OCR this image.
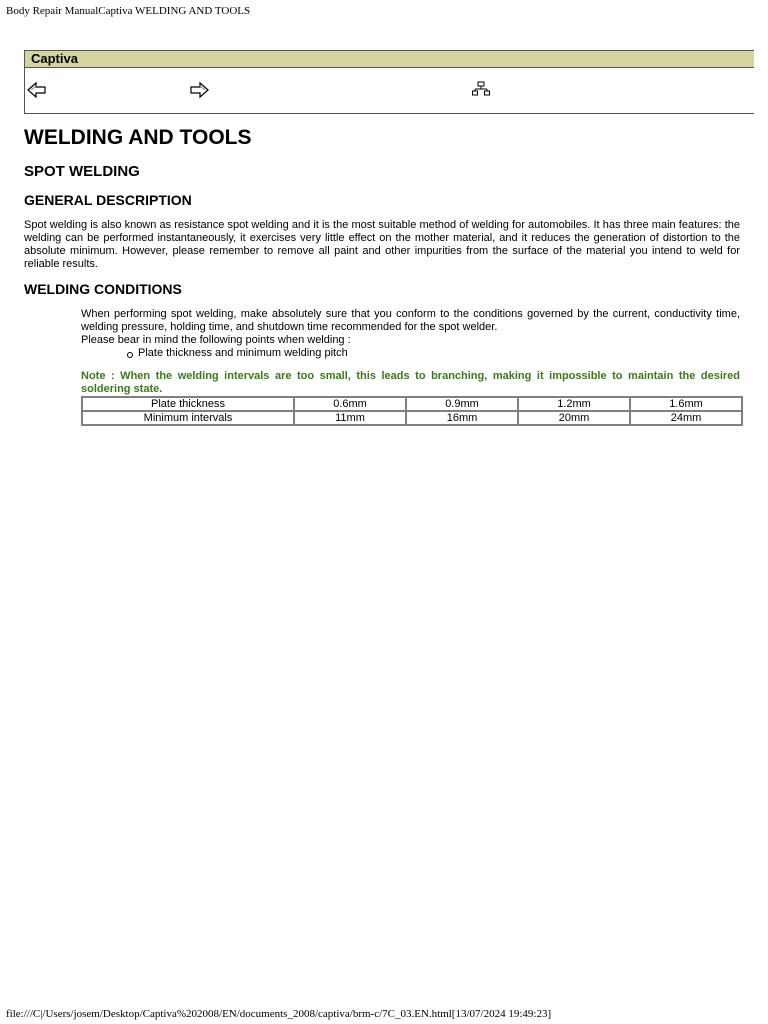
Body Repair ManualCaptiva WELDING AND TOOLS
Captiva
WELDING AND TOOLS
SPOT WELDING
GENERAL DESCRIPTION

Spot welding is also known as resistance spot welding and it is the most suitable method of welding for automobiles. It has three main features: the welding can be performed instantaneously, it exercises very little effect on the mother material, and it reduces the generation of distortion to the absolute minimum. However, please remember to remove all paint and other impurities from the surface of the material you intend to weld for reliable results.

WELDING CONDITIONS

When performing spot welding, make absolutely sure that you conform to the conditions governed by the current, conductivity time, welding pressure, holding time, and shutdown time recommended for the spot welder.

Please bear in mind the following points when welding :

Plate thickness and minimum welding pitch

Note : When the welding intervals are too small, this leads to branching, making it impossible to maintain the desired soldering state.

Plate thickness	0.6mm	0.9mm	1.2mm	1.6mm
Minimum intervals	11mm	16mm	20mm	24mm
file:///C|/Users/josem/Desktop/Captiva%202008/EN/documents_2008/captiva/brm-c/7C_03.EN.html[13/07/2024 19:49:23]
